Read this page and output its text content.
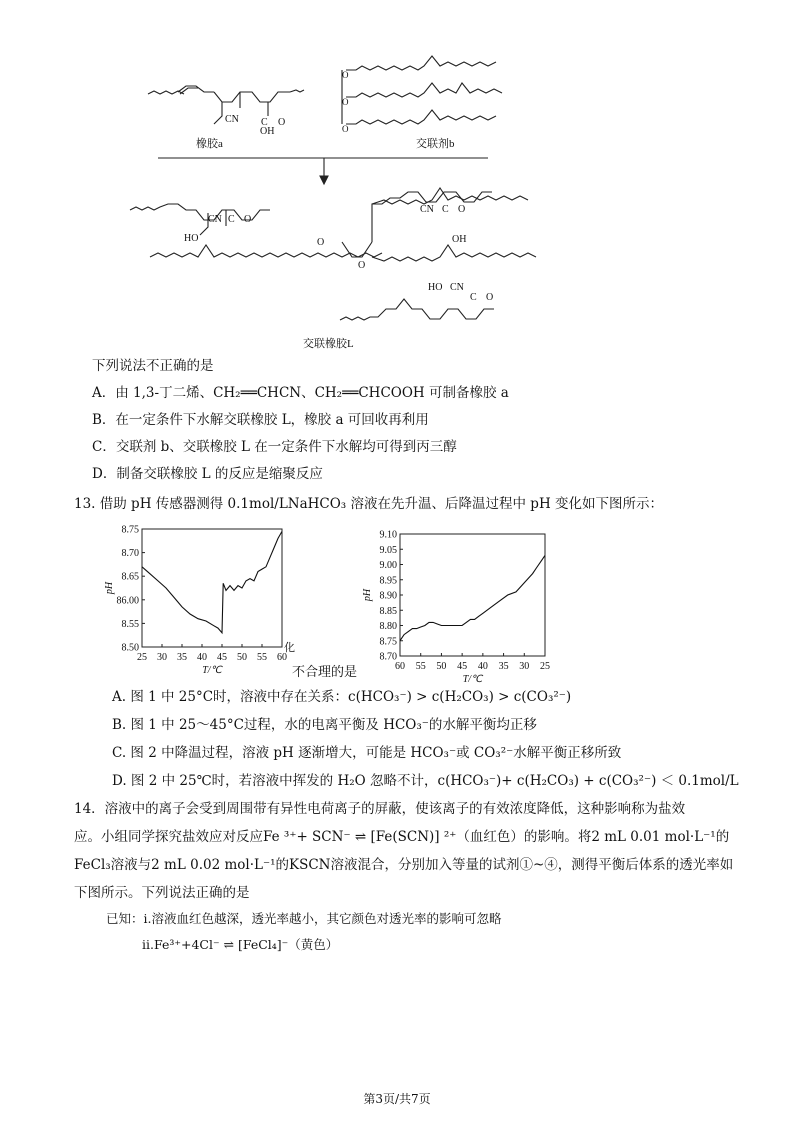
CN C O
OH
橡胶a
O
O
O
交联剂b
CN C O
HO	O
O
CN C O
OH
HO CN
C O
交联橡胶L
下列说法不正确的是
A．由 1,3-丁二烯、CH₂══CHCN、CH₂══CHCOOH 可制备橡胶 a
B．在一定条件下水解交联橡胶 L，橡胶 a 可回收再利用
C．交联剂 b、交联橡胶 L 在一定条件下水解均可得到丙三醇
D．制备交联橡胶 L 的反应是缩聚反应
13. 借助 pH 传感器测得 0.1mol/LNaHCO₃ 溶液在先升温、后降温过程中 pH 变化如下图所示：
8.50
8.55
86.00
8.65
8.70
8.75
25 30 35 40 45 50 55 60
T/℃
pH
化
8.70
8.75
8.80
8.85
8.90
8.95
9.00
9.05
9.10
60 55 50 45 40 35 30 25
T/℃
pH
不合理的是
A. 图 1 中 25°C时，溶液中存在关系：c(HCO₃⁻) > c(H₂CO₃) > c(CO₃²⁻)
B. 图 1 中 25～45°C过程，水的电离平衡及 HCO₃⁻的水解平衡均正移
C. 图 2 中降温过程，溶液 pH 逐渐增大，可能是 HCO₃⁻或 CO₃²⁻水解平衡正移所致
D. 图 2 中 25℃时，若溶液中挥发的 H₂O 忽略不计，c(HCO₃⁻)+ c(H₂CO₃) + c(CO₃²⁻) ＜ 0.1mol/L
14．溶液中的离子会受到周围带有异性电荷离子的屏蔽，使该离子的有效浓度降低，这种影响称为盐效
应。小组同学探究盐效应对反应Fe ³⁺+ SCN⁻ ⇌ [Fe(SCN)] ²⁺（血红色）的影响。将2 mL 0.01 mol·L⁻¹的
FeCl₃溶液与2 mL 0.02 mol·L⁻¹的KSCN溶液混合，分别加入等量的试剂①~④，测得平衡后体系的透光率如
下图所示。下列说法正确的是
已知：i.溶液血红色越深，透光率越小，其它颜色对透光率的影响可忽略
ii.Fe³⁺+4Cl⁻ ⇌ [FeCl₄]⁻（黄色）
第3页/共7页
